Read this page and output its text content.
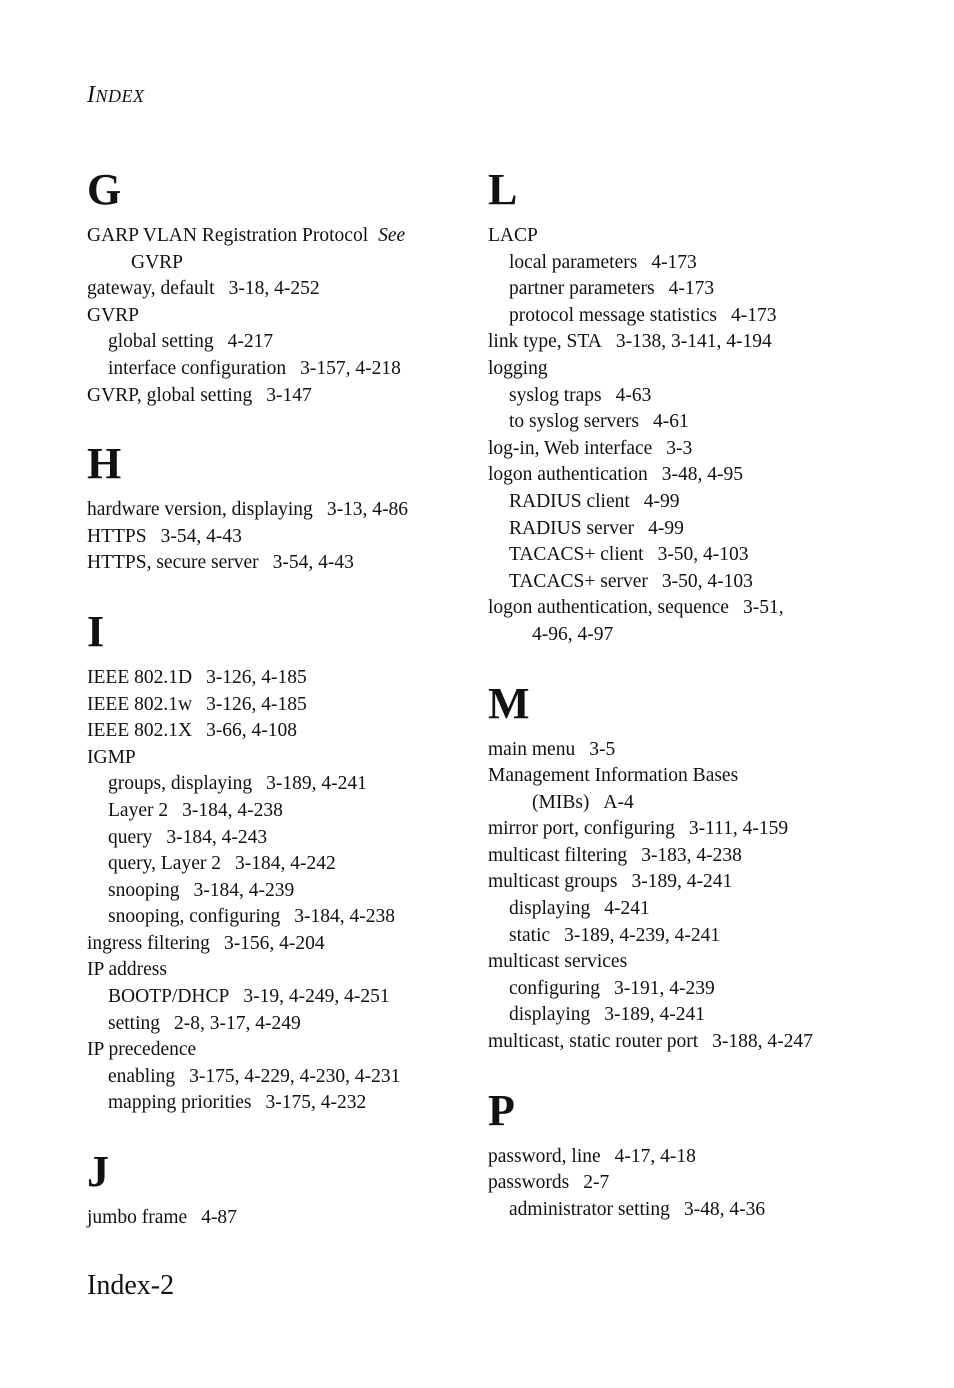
INDEX
G
GARP VLAN Registration Protocol See
GVRP
gateway, default 3-18, 4-252
GVRP
global setting 4-217
interface configuration 3-157, 4-218
GVRP, global setting 3-147
H
hardware version, displaying 3-13, 4-86
HTTPS 3-54, 4-43
HTTPS, secure server 3-54, 4-43
I
IEEE 802.1D 3-126, 4-185
IEEE 802.1w 3-126, 4-185
IEEE 802.1X 3-66, 4-108
IGMP
groups, displaying 3-189, 4-241
Layer 2 3-184, 4-238
query 3-184, 4-243
query, Layer 2 3-184, 4-242
snooping 3-184, 4-239
snooping, configuring 3-184, 4-238
ingress filtering 3-156, 4-204
IP address
BOOTP/DHCP 3-19, 4-249, 4-251
setting 2-8, 3-17, 4-249
IP precedence
enabling 3-175, 4-229, 4-230, 4-231
mapping priorities 3-175, 4-232
J
jumbo frame 4-87
L
LACP
local parameters 4-173
partner parameters 4-173
protocol message statistics 4-173
link type, STA 3-138, 3-141, 4-194
logging
syslog traps 4-63
to syslog servers 4-61
log-in, Web interface 3-3
logon authentication 3-48, 4-95
RADIUS client 4-99
RADIUS server 4-99
TACACS+ client 3-50, 4-103
TACACS+ server 3-50, 4-103
logon authentication, sequence 3-51,
4-96, 4-97
M
main menu 3-5
Management Information Bases
(MIBs) A-4
mirror port, configuring 3-111, 4-159
multicast filtering 3-183, 4-238
multicast groups 3-189, 4-241
displaying 4-241
static 3-189, 4-239, 4-241
multicast services
configuring 3-191, 4-239
displaying 3-189, 4-241
multicast, static router port 3-188, 4-247
P
password, line 4-17, 4-18
passwords 2-7
administrator setting 3-48, 4-36
Index-2
